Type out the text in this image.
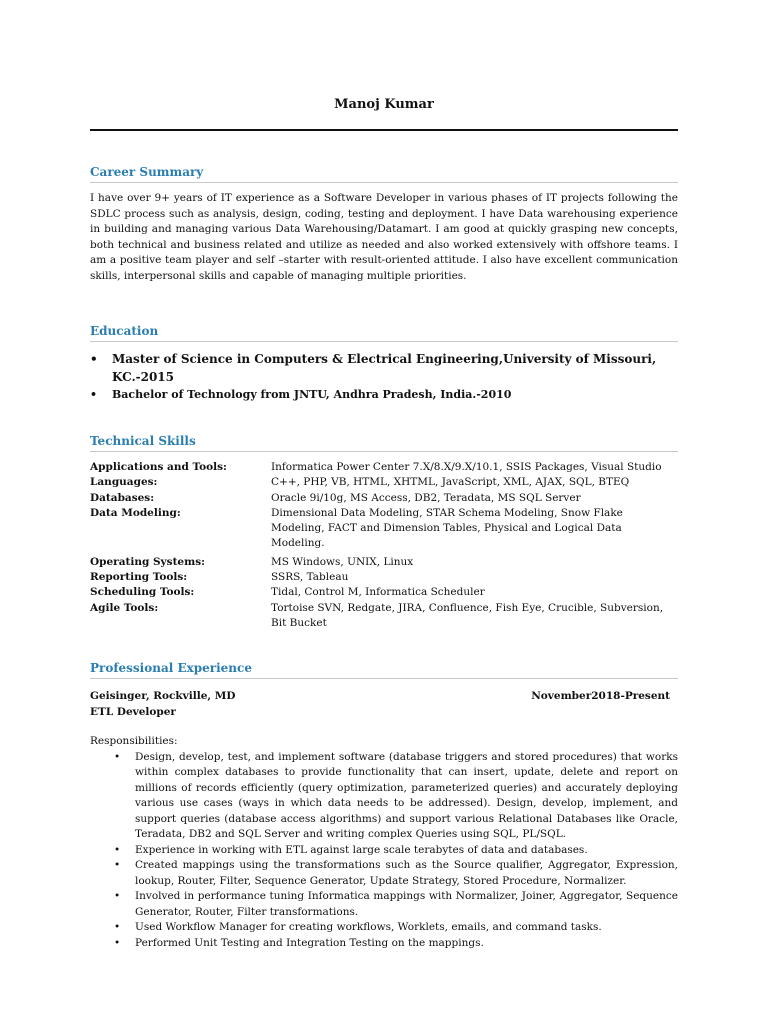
Manoj Kumar
Career Summary
I have over 9+ years of IT experience as a Software Developer in various phases of IT projects following the SDLC process such as analysis, design, coding, testing and deployment. I have Data warehousing experience in building and managing various Data Warehousing/Datamart. I am good at quickly grasping new concepts, both technical and business related and utilize as needed and also worked extensively with offshore teams. I am a positive team player and self –starter with result-oriented attitude. I also have excellent communication skills, interpersonal skills and capable of managing multiple priorities.
Education
• Master of Science in Computers & Electrical Engineering,University of Missouri, KC.-2015
• Bachelor of Technology from JNTU, Andhra Pradesh, India.-2010
Technical Skills
Applications and Tools:	Informatica Power Center 7.X/8.X/9.X/10.1, SSIS Packages, Visual Studio
Languages:	C++, PHP, VB, HTML, XHTML, JavaScript, XML, AJAX, SQL, BTEQ
Databases:	Oracle 9i/10g, MS Access, DB2, Teradata, MS SQL Server
Data Modeling:	Dimensional Data Modeling, STAR Schema Modeling, Snow Flake Modeling, FACT and Dimension Tables, Physical and Logical Data Modeling.
Operating Systems:	MS Windows, UNIX, Linux
Reporting Tools:	SSRS, Tableau
Scheduling Tools:	Tidal, Control M, Informatica Scheduler
Agile Tools:	Tortoise SVN, Redgate, JIRA, Confluence, Fish Eye, Crucible, Subversion, Bit Bucket
Professional Experience
Geisinger, Rockville, MD	November2018-Present
ETL Developer
Responsibilities:
• Design, develop, test, and implement software (database triggers and stored procedures) that works within complex databases to provide functionality that can insert, update, delete and report on millions of records efficiently (query optimization, parameterized queries) and accurately deploying various use cases (ways in which data needs to be addressed). Design, develop, implement, and support queries (database access algorithms) and support various Relational Databases like Oracle, Teradata, DB2 and SQL Server and writing complex Queries using SQL, PL/SQL.
• Experience in working with ETL against large scale terabytes of data and databases.
• Created mappings using the transformations such as the Source qualifier, Aggregator, Expression, lookup, Router, Filter, Sequence Generator, Update Strategy, Stored Procedure, Normalizer.
• Involved in performance tuning Informatica mappings with Normalizer, Joiner, Aggregator, Sequence Generator, Router, Filter transformations.
• Used Workflow Manager for creating workflows, Worklets, emails, and command tasks.
• Performed Unit Testing and Integration Testing on the mappings.
